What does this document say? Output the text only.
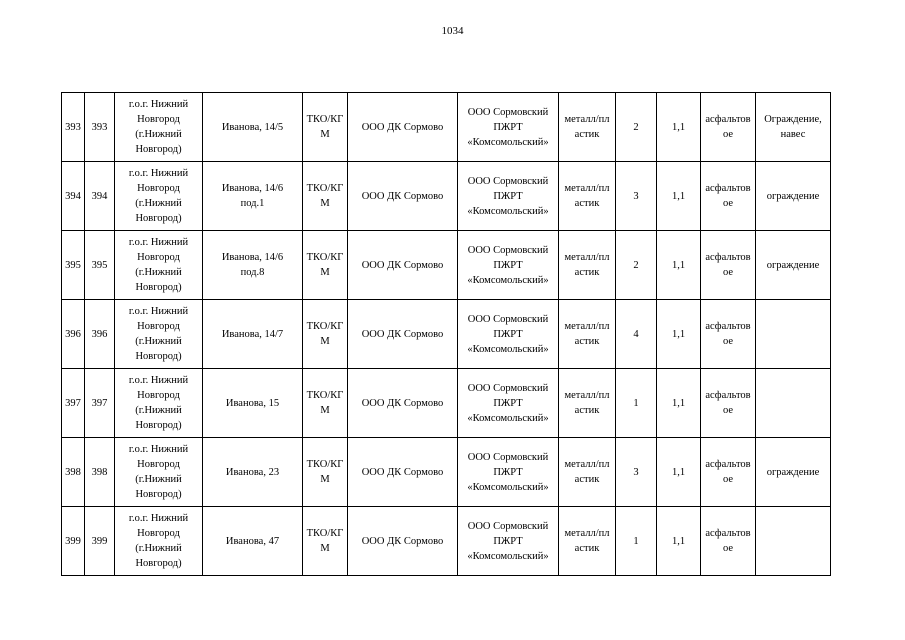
1034
393	393	г.о.г. Нижний
Новгород
(г.Нижний
Новгород)	Иванова, 14/5	ТКО/КГ
М	ООО ДК Сормово	ООО Сормовский
ПЖРТ
«Комсомольский»	металл/пл
астик	2	1,1	асфальтов
ое	Ограждение, навес
394	394	г.о.г. Нижний
Новгород
(г.Нижний
Новгород)	Иванова, 14/6
под.1	ТКО/КГ
М	ООО ДК Сормово	ООО Сормовский
ПЖРТ
«Комсомольский»	металл/пл
астик	3	1,1	асфальтов
ое	ограждение
395	395	г.о.г. Нижний
Новгород
(г.Нижний
Новгород)	Иванова, 14/6
под.8	ТКО/КГ
М	ООО ДК Сормово	ООО Сормовский
ПЖРТ
«Комсомольский»	металл/пл
астик	2	1,1	асфальтов
ое	ограждение
396	396	г.о.г. Нижний
Новгород
(г.Нижний
Новгород)	Иванова, 14/7	ТКО/КГ
М	ООО ДК Сормово	ООО Сормовский
ПЖРТ
«Комсомольский»	металл/пл
астик	4	1,1	асфальтов
ое	
397	397	г.о.г. Нижний
Новгород
(г.Нижний
Новгород)	Иванова, 15	ТКО/КГ
М	ООО ДК Сормово	ООО Сормовский
ПЖРТ
«Комсомольский»	металл/пл
астик	1	1,1	асфальтов
ое	
398	398	г.о.г. Нижний
Новгород
(г.Нижний
Новгород)	Иванова, 23	ТКО/КГ
М	ООО ДК Сормово	ООО Сормовский
ПЖРТ
«Комсомольский»	металл/пл
астик	3	1,1	асфальтов
ое	ограждение
399	399	г.о.г. Нижний
Новгород
(г.Нижний
Новгород)	Иванова, 47	ТКО/КГ
М	ООО ДК Сормово	ООО Сормовский
ПЖРТ
«Комсомольский»	металл/пл
астик	1	1,1	асфальтов
ое	
